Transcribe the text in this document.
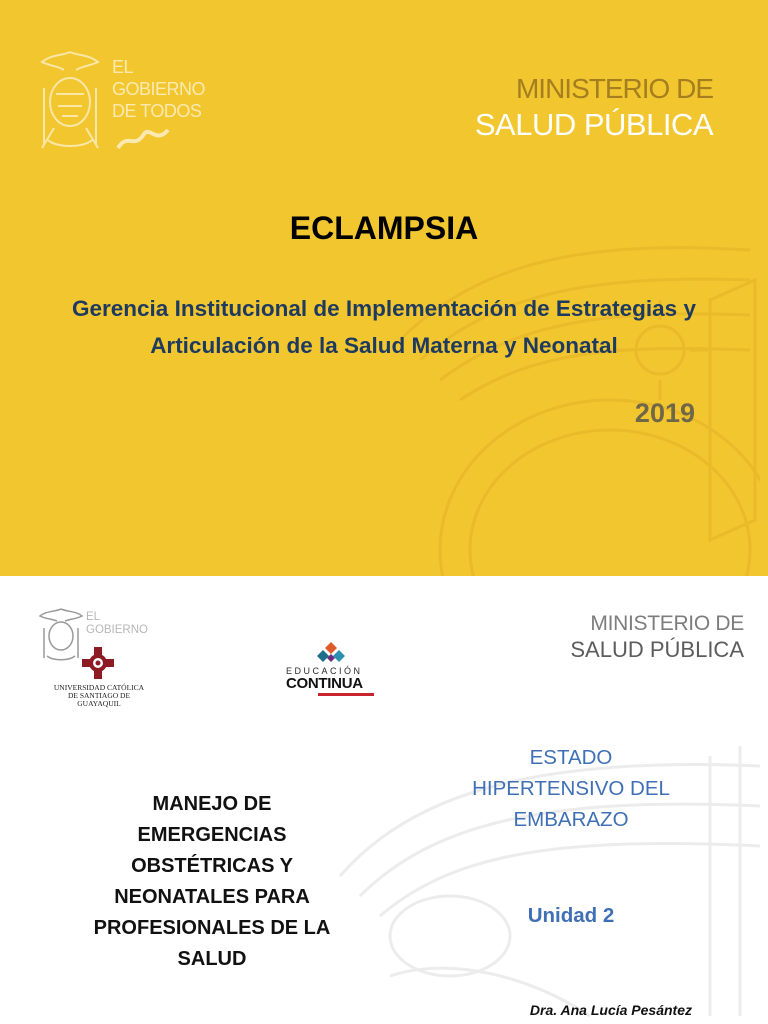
EL
GOBIERNO
DE TODOS
MINISTERIO DE
SALUD PÚBLICA
ECLAMPSIA
Gerencia Institucional de Implementación de Estrategias y Articulación de la Salud Materna y Neonatal
2019
EL
GOBIERNO
UNIVERSIDAD CATÓLICA
DE SANTIAGO DE GUAYAQUIL
EDUCACIÓN
CONTINUA
MINISTERIO DE
SALUD PÚBLICA
MANEJO DE EMERGENCIAS OBSTÉTRICAS Y NEONATALES PARA PROFESIONALES DE LA SALUD
ESTADO HIPERTENSIVO DEL EMBARAZO
Unidad 2
Dra. Ana Lucía Pesántez
